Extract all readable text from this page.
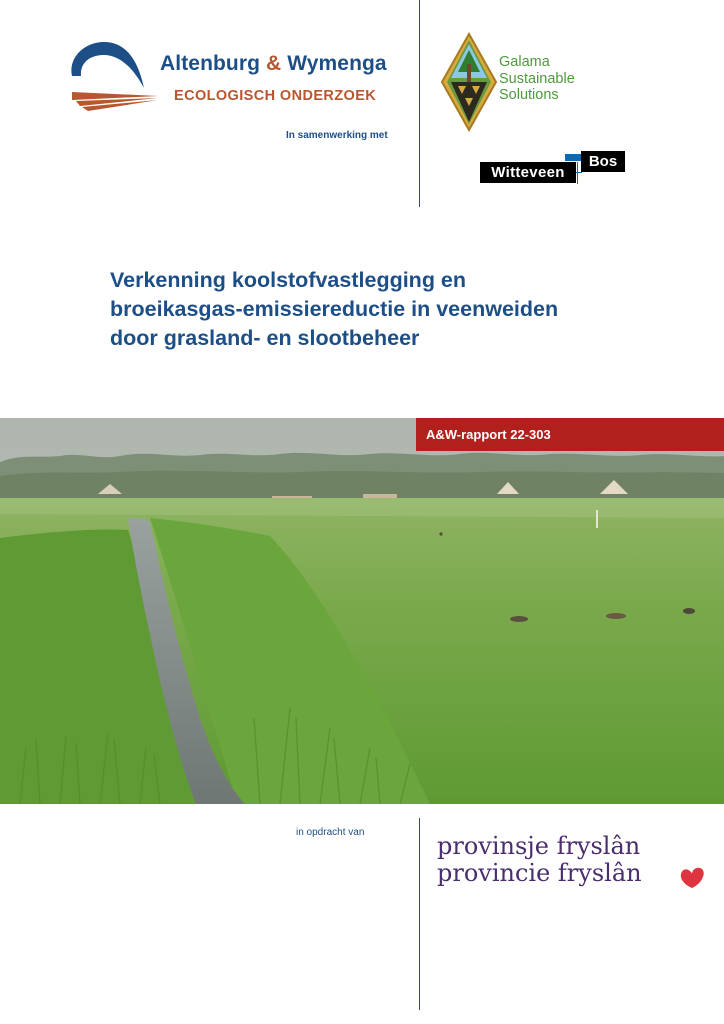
Altenburg & Wymenga
ECOLOGISCH ONDERZOEK
In samenwerking met
Galama
Sustainable
Solutions
Witteveen
Bos
Verkenning koolstofvastlegging en
broeikasgas-emissiereductie in veenweiden
door grasland- en slootbeheer
A&W-rapport 22-303
in opdracht van	provinsje fryslân
provincie fryslân
